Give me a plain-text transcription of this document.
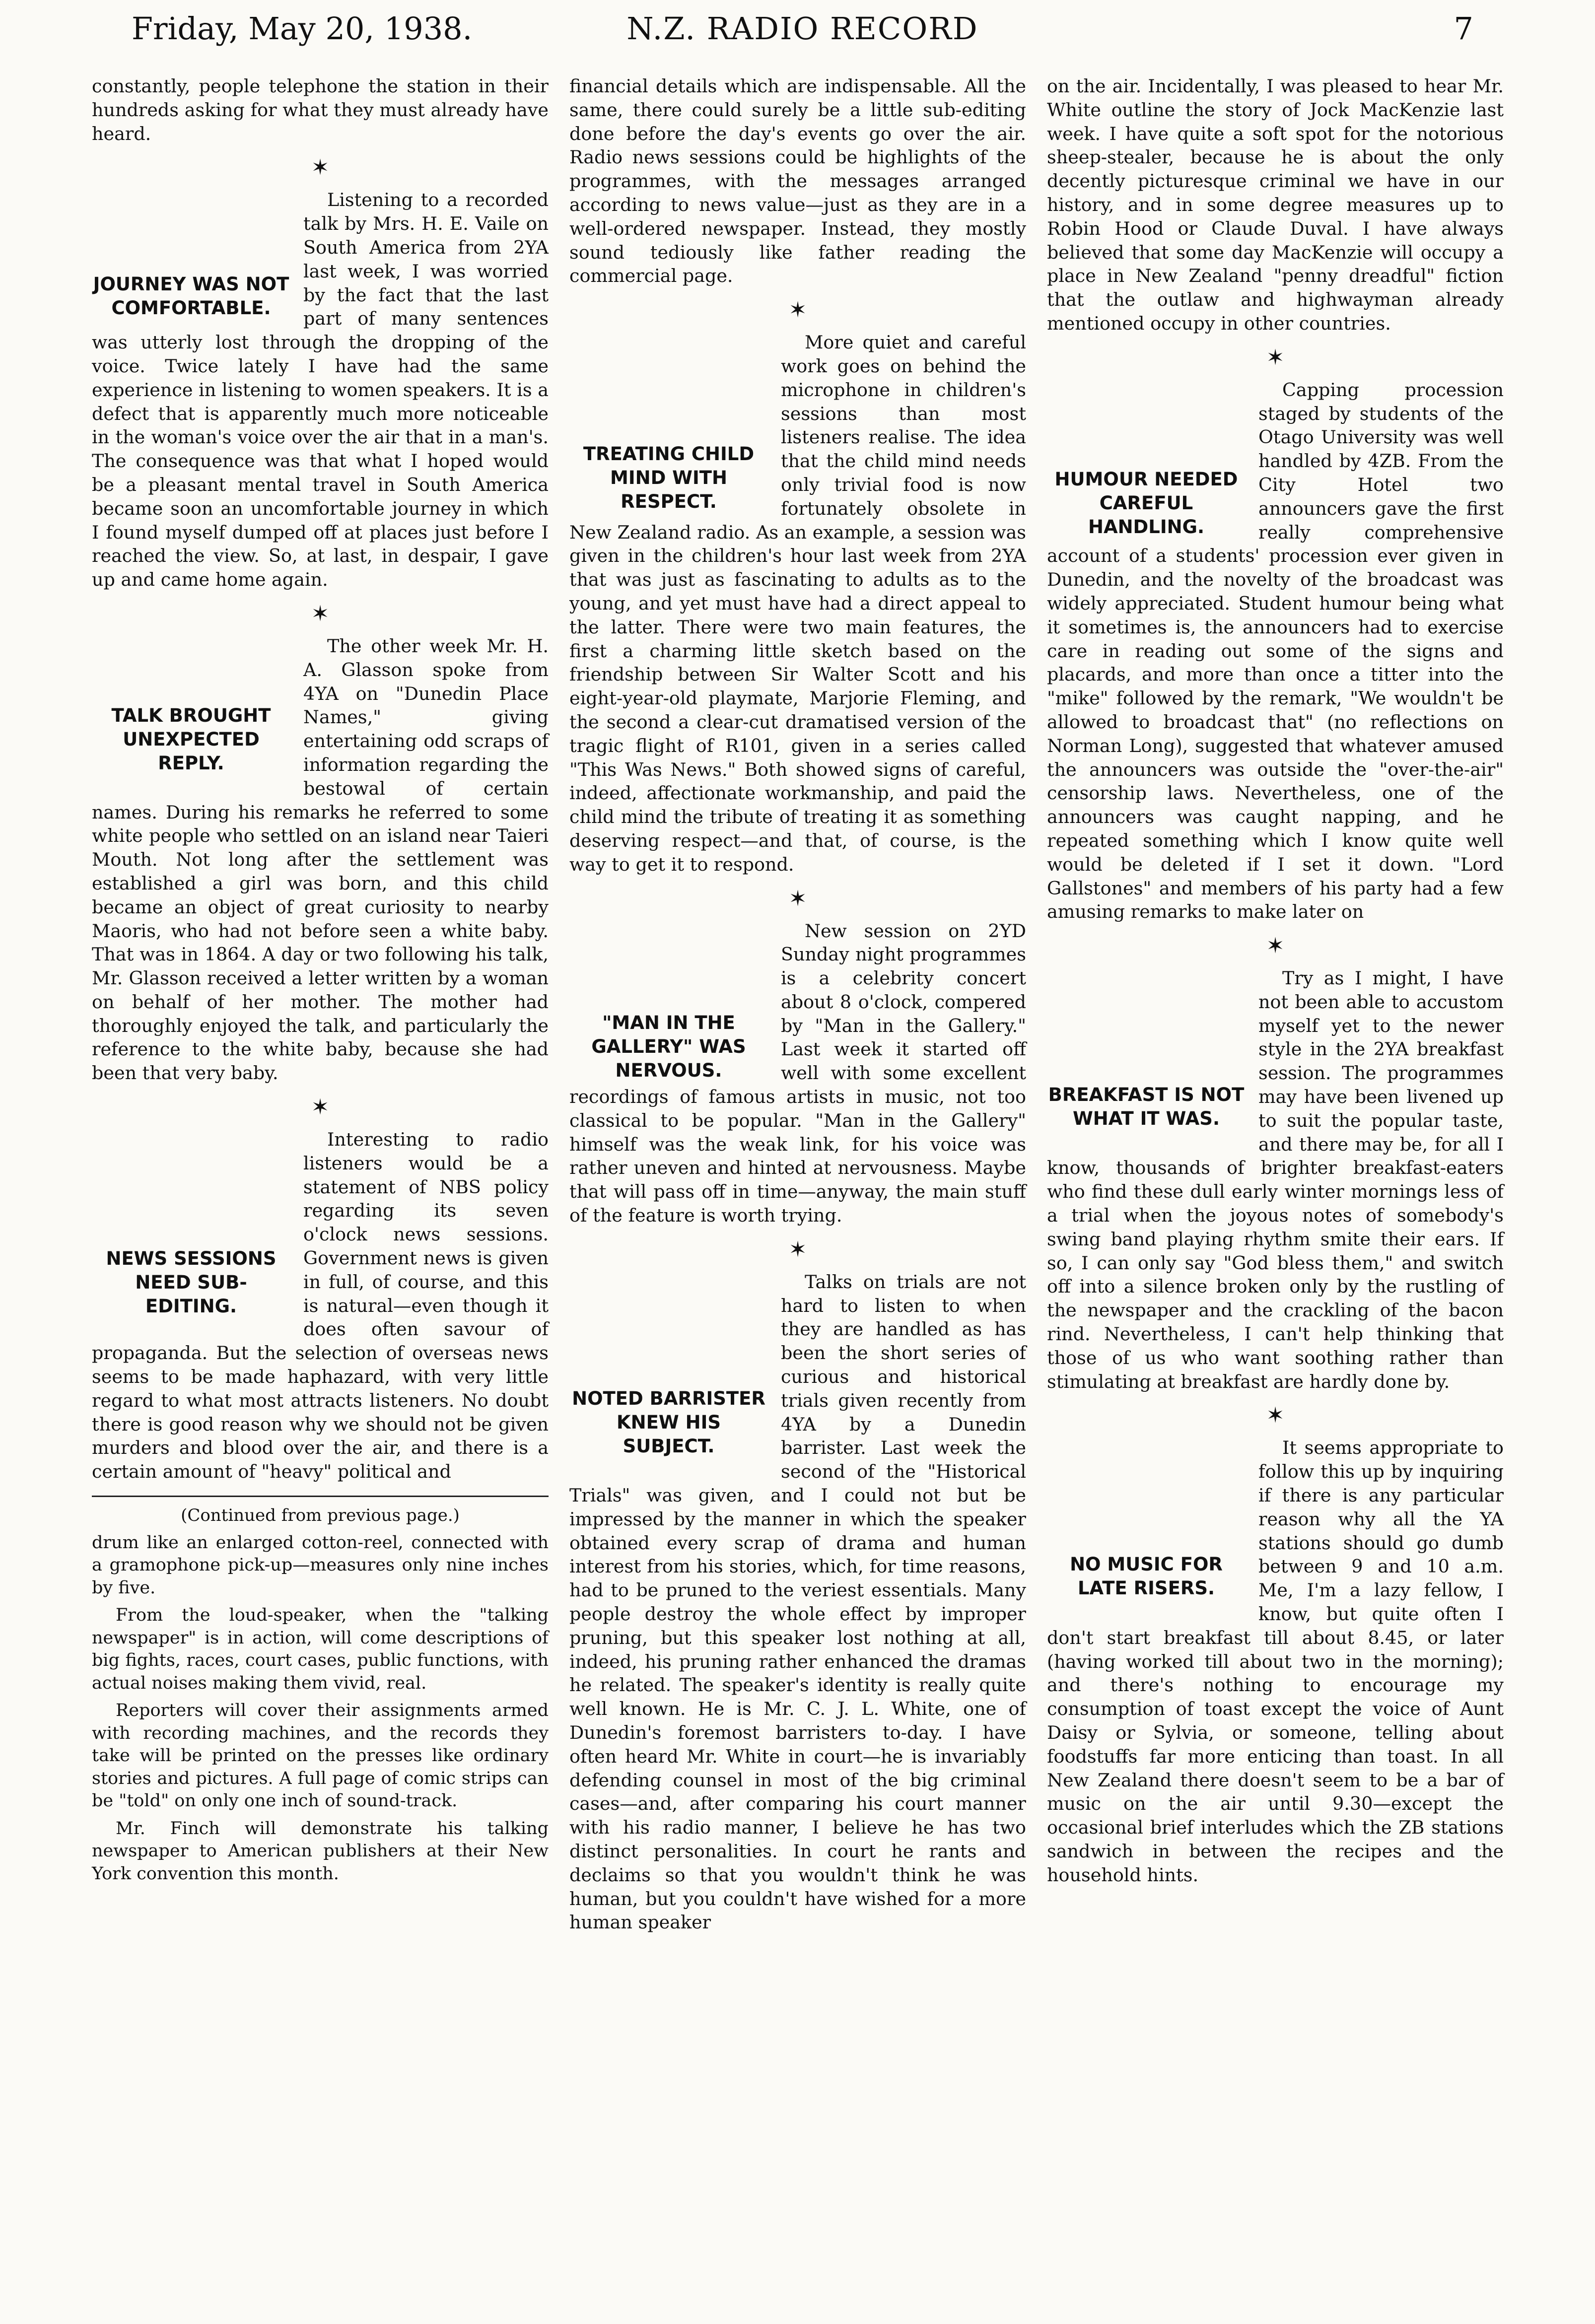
Friday, May 20, 1938.	N.Z. RADIO RECORD	7

constantly, people telephone the station in their hundreds asking for what they must already have heard.

✶
JOURNEY WAS NOT COMFORTABLE.

Listening to a recorded talk by Mrs. H. E. Vaile on South America from 2YA last week, I was worried by the fact that the last part of many sentences was utterly lost through the dropping of the voice. Twice lately I have had the same experience in listening to women speakers. It is a defect that is apparently much more noticeable in the woman's voice over the air that in a man's. The consequence was that what I hoped would be a pleasant mental travel in South America became soon an uncomfortable journey in which I found myself dumped off at places just before I reached the view. So, at last, in despair, I gave up and came home again.

✶
TALK BROUGHT UNEXPECTED REPLY.

The other week Mr. H. A. Glasson spoke from 4YA on "Dunedin Place Names," giving entertaining odd scraps of information regarding the bestowal of certain names. During his remarks he referred to some white people who settled on an island near Taieri Mouth. Not long after the settlement was established a girl was born, and this child became an object of great curiosity to nearby Maoris, who had not before seen a white baby. That was in 1864. A day or two following his talk, Mr. Glasson received a letter written by a woman on behalf of her mother. The mother had thoroughly enjoyed the talk, and particularly the reference to the white baby, because she had been that very baby.

✶
NEWS SESSIONS NEED SUB-EDITING.

Interesting to radio listeners would be a statement of NBS policy regarding its seven o'clock news sessions. Government news is given in full, of course, and this is natural—even though it does often savour of propaganda. But the selection of overseas news seems to be made haphazard, with very little regard to what most attracts listeners. No doubt there is good reason why we should not be given murders and blood over the air, and there is a certain amount of "heavy" political and

(Continued from previous page.)

drum like an enlarged cotton-reel, connected with a gramophone pick-up—measures only nine inches by five.

From the loud-speaker, when the "talking newspaper" is in action, will come descriptions of big fights, races, court cases, public functions, with actual noises making them vivid, real.

Reporters will cover their assignments armed with recording machines, and the records they take will be printed on the presses like ordinary stories and pictures. A full page of comic strips can be "told" on only one inch of sound-track.

Mr. Finch will demonstrate his talking newspaper to American publishers at their New York convention this month.

financial details which are indispensable. All the same, there could surely be a little sub-editing done before the day's events go over the air. Radio news sessions could be highlights of the programmes, with the messages arranged according to news value—just as they are in a well-ordered newspaper. Instead, they mostly sound tediously like father reading the commercial page.

✶
TREATING CHILD MIND WITH RESPECT.

More quiet and careful work goes on behind the microphone in children's sessions than most listeners realise. The idea that the child mind needs only trivial food is now fortunately obsolete in New Zealand radio. As an example, a session was given in the children's hour last week from 2YA that was just as fascinating to adults as to the young, and yet must have had a direct appeal to the latter. There were two main features, the first a charming little sketch based on the friendship between Sir Walter Scott and his eight-year-old playmate, Marjorie Fleming, and the second a clear-cut dramatised version of the tragic flight of R101, given in a series called "This Was News." Both showed signs of careful, indeed, affectionate workmanship, and paid the child mind the tribute of treating it as something deserving respect—and that, of course, is the way to get it to respond.

✶
"MAN IN THE GALLERY" WAS NERVOUS.

New session on 2YD Sunday night programmes is a celebrity concert about 8 o'clock, compered by "Man in the Gallery." Last week it started off well with some excellent recordings of famous artists in music, not too classical to be popular. "Man in the Gallery" himself was the weak link, for his voice was rather uneven and hinted at nervousness. Maybe that will pass off in time—anyway, the main stuff of the feature is worth trying.

✶
NOTED BARRISTER KNEW HIS SUBJECT.

Talks on trials are not hard to listen to when they are handled as has been the short series of curious and historical trials given recently from 4YA by a Dunedin barrister. Last week the second of the "Historical Trials" was given, and I could not but be impressed by the manner in which the speaker obtained every scrap of drama and human interest from his stories, which, for time reasons, had to be pruned to the veriest essentials. Many people destroy the whole effect by improper pruning, but this speaker lost nothing at all, indeed, his pruning rather enhanced the dramas he related. The speaker's identity is really quite well known. He is Mr. C. J. L. White, one of Dunedin's foremost barristers to-day. I have often heard Mr. White in court—he is invariably defending counsel in most of the big criminal cases—and, after comparing his court manner with his radio manner, I believe he has two distinct personalities. In court he rants and declaims so that you wouldn't think he was human, but you couldn't have wished for a more human speaker

on the air. Incidentally, I was pleased to hear Mr. White outline the story of Jock MacKenzie last week. I have quite a soft spot for the notorious sheep-stealer, because he is about the only decently picturesque criminal we have in our history, and in some degree measures up to Robin Hood or Claude Duval. I have always believed that some day MacKenzie will occupy a place in New Zealand "penny dreadful" fiction that the outlaw and highwayman already mentioned occupy in other countries.

✶
HUMOUR NEEDED CAREFUL HANDLING.

Capping procession staged by students of the Otago University was well handled by 4ZB. From the City Hotel two announcers gave the first really comprehensive account of a students' procession ever given in Dunedin, and the novelty of the broadcast was widely appreciated. Student humour being what it sometimes is, the announcers had to exercise care in reading out some of the signs and placards, and more than once a titter into the "mike" followed by the remark, "We wouldn't be allowed to broadcast that" (no reflections on Norman Long), suggested that whatever amused the announcers was outside the "over-the-air" censorship laws. Nevertheless, one of the announcers was caught napping, and he repeated something which I know quite well would be deleted if I set it down. "Lord Gallstones" and members of his party had a few amusing remarks to make later on

✶
BREAKFAST IS NOT WHAT IT WAS.

Try as I might, I have not been able to accustom myself yet to the newer style in the 2YA breakfast session. The programmes may have been livened up to suit the popular taste, and there may be, for all I know, thousands of brighter breakfast-eaters who find these dull early winter mornings less of a trial when the joyous notes of somebody's swing band playing rhythm smite their ears. If so, I can only say "God bless them," and switch off into a silence broken only by the rustling of the newspaper and the crackling of the bacon rind. Nevertheless, I can't help thinking that those of us who want soothing rather than stimulating at breakfast are hardly done by.

✶
NO MUSIC FOR LATE RISERS.

It seems appropriate to follow this up by inquiring if there is any particular reason why all the YA stations should go dumb between 9 and 10 a.m. Me, I'm a lazy fellow, I know, but quite often I don't start breakfast till about 8.45, or later (having worked till about two in the morning); and there's nothing to encourage my consumption of toast except the voice of Aunt Daisy or Sylvia, or someone, telling about foodstuffs far more enticing than toast. In all New Zealand there doesn't seem to be a bar of music on the air until 9.30—except the occasional brief interludes which the ZB stations sandwich in between the recipes and the household hints.
